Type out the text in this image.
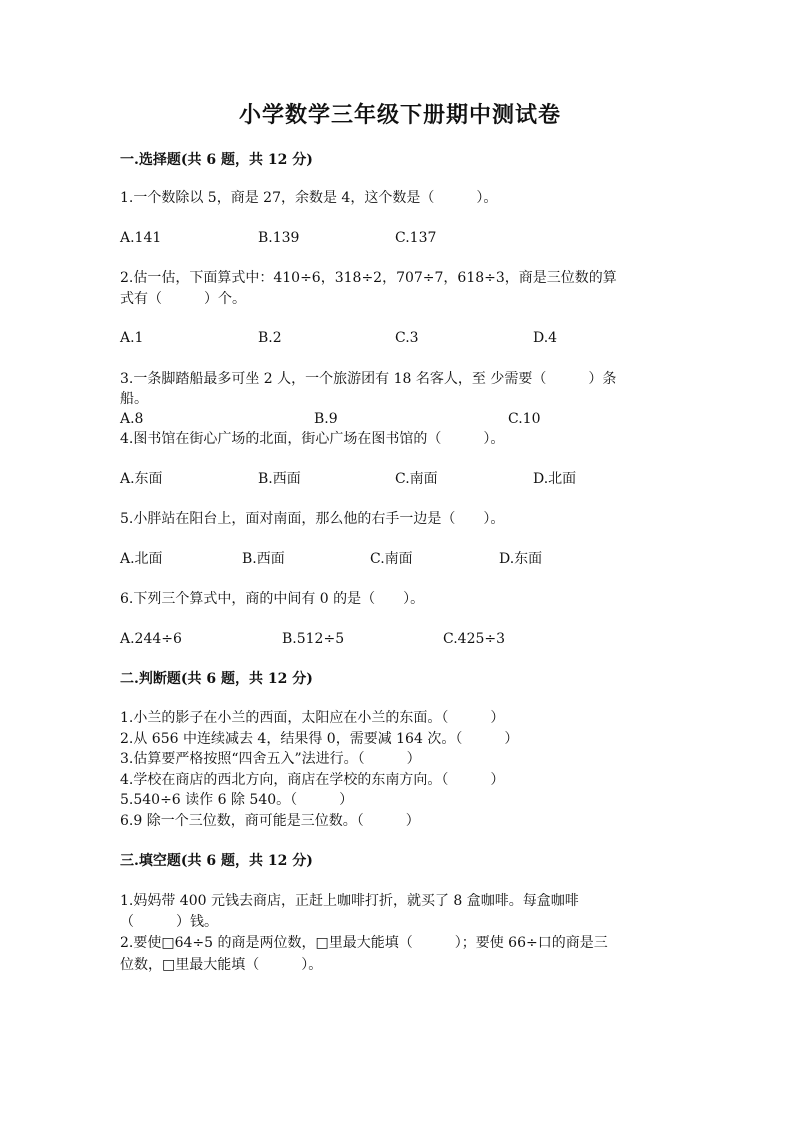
小学数学三年级下册期中测试卷
一.选择题(共 6 题，共 12 分)
1.一个数除以 5，商是 27，余数是 4，这个数是（　　　）。
A.141	B.139	C.137
2.估一估，下面算式中：410÷6，318÷2，707÷7，618÷3，商是三位数的算
式有（　　　）个。
A.1	B.2	C.3	D.4
3.一条脚踏船最多可坐 2 人，一个旅游团有 18 名客人，至 少需要（　　　）条
船。
A.8	B.9	C.10
4.图书馆在街心广场的北面，街心广场在图书馆的（　　　）。
A.东面	B.西面	C.南面	D.北面
5.小胖站在阳台上，面对南面，那么他的右手一边是（　　）。
A.北面	B.西面	C.南面	D.东面
6.下列三个算式中，商的中间有 0 的是（　　）。
A.244÷6	B.512÷5	C.425÷3
二.判断题(共 6 题，共 12 分)
1.小兰的影子在小兰的西面，太阳应在小兰的东面。（　　　）
2.从 656 中连续减去 4，结果得 0，需要减 164 次。（　　　）
3.估算要严格按照“四舍五入”法进行。（　　　）
4.学校在商店的西北方向，商店在学校的东南方向。（　　　）
5.540÷6 读作 6 除 540。（　　　）
6.9 除一个三位数，商可能是三位数。（　　　）
三.填空题(共 6 题，共 12 分)
1.妈妈带 400 元钱去商店，正赶上咖啡打折，就买了 8 盒咖啡。每盒咖啡
（　　　）钱。
2.要使□64÷5 的商是两位数，□里最大能填（　　　）；要使 66÷口的商是三
位数，□里最大能填（　　　）。
